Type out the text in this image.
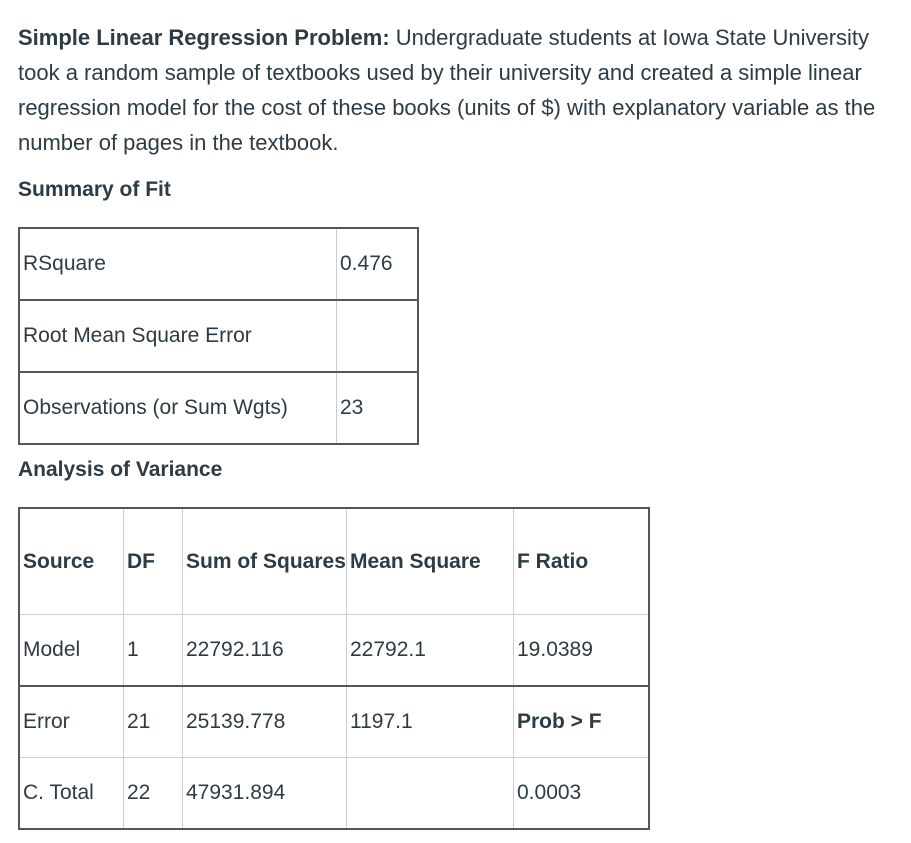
Simple Linear Regression Problem: Undergraduate students at Iowa State University took a random sample of textbooks used by their university and created a simple linear regression model for the cost of these books (units of $) with explanatory variable as the number of pages in the textbook.

Summary of Fit

RSquare	0.476
Root Mean Square Error	
Observations (or Sum Wgts)	23

Analysis of Variance

Source	DF	Sum of Squares	Mean Square	F Ratio
Model	1	22792.116	22792.1	19.0389
Error	21	25139.778	1197.1	Prob > F
C. Total	22	47931.894		0.0003
